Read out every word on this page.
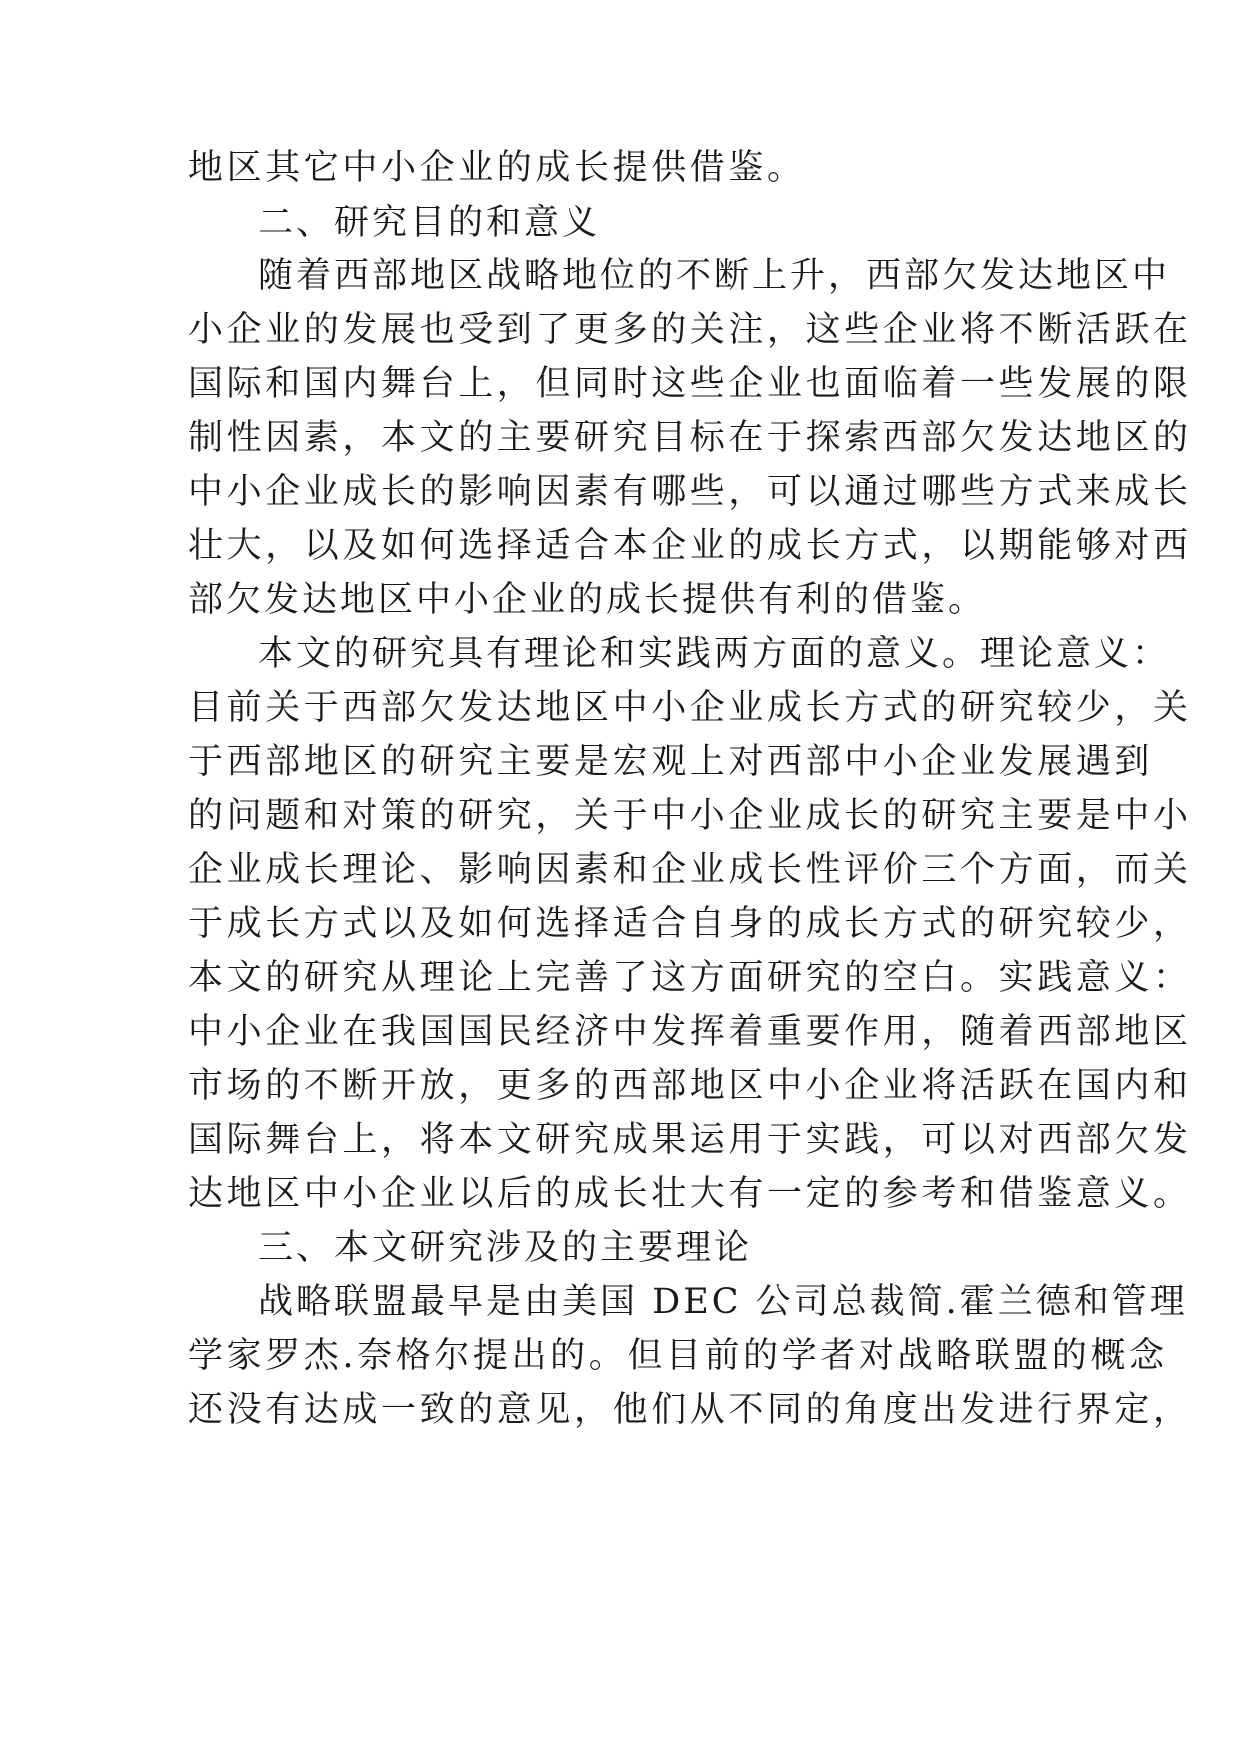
地区其它中小企业的成长提供借鉴。
二、研究目的和意义
随着西部地区战略地位的不断上升，西部欠发达地区中
小企业的发展也受到了更多的关注，这些企业将不断活跃在
国际和国内舞台上，但同时这些企业也面临着一些发展的限
制性因素，本文的主要研究目标在于探索西部欠发达地区的
中小企业成长的影响因素有哪些，可以通过哪些方式来成长
壮大，以及如何选择适合本企业的成长方式，以期能够对西
部欠发达地区中小企业的成长提供有利的借鉴。
本文的研究具有理论和实践两方面的意义。理论意义：
目前关于西部欠发达地区中小企业成长方式的研究较少，关
于西部地区的研究主要是宏观上对西部中小企业发展遇到
的问题和对策的研究，关于中小企业成长的研究主要是中小
企业成长理论、影响因素和企业成长性评价三个方面，而关
于成长方式以及如何选择适合自身的成长方式的研究较少，
本文的研究从理论上完善了这方面研究的空白。实践意义：
中小企业在我国国民经济中发挥着重要作用，随着西部地区
市场的不断开放，更多的西部地区中小企业将活跃在国内和
国际舞台上，将本文研究成果运用于实践，可以对西部欠发
达地区中小企业以后的成长壮大有一定的参考和借鉴意义。
三、本文研究涉及的主要理论
战略联盟最早是由美国 DEC 公司总裁简.霍兰德和管理
学家罗杰.奈格尔提出的。但目前的学者对战略联盟的概念
还没有达成一致的意见，他们从不同的角度出发进行界定，
